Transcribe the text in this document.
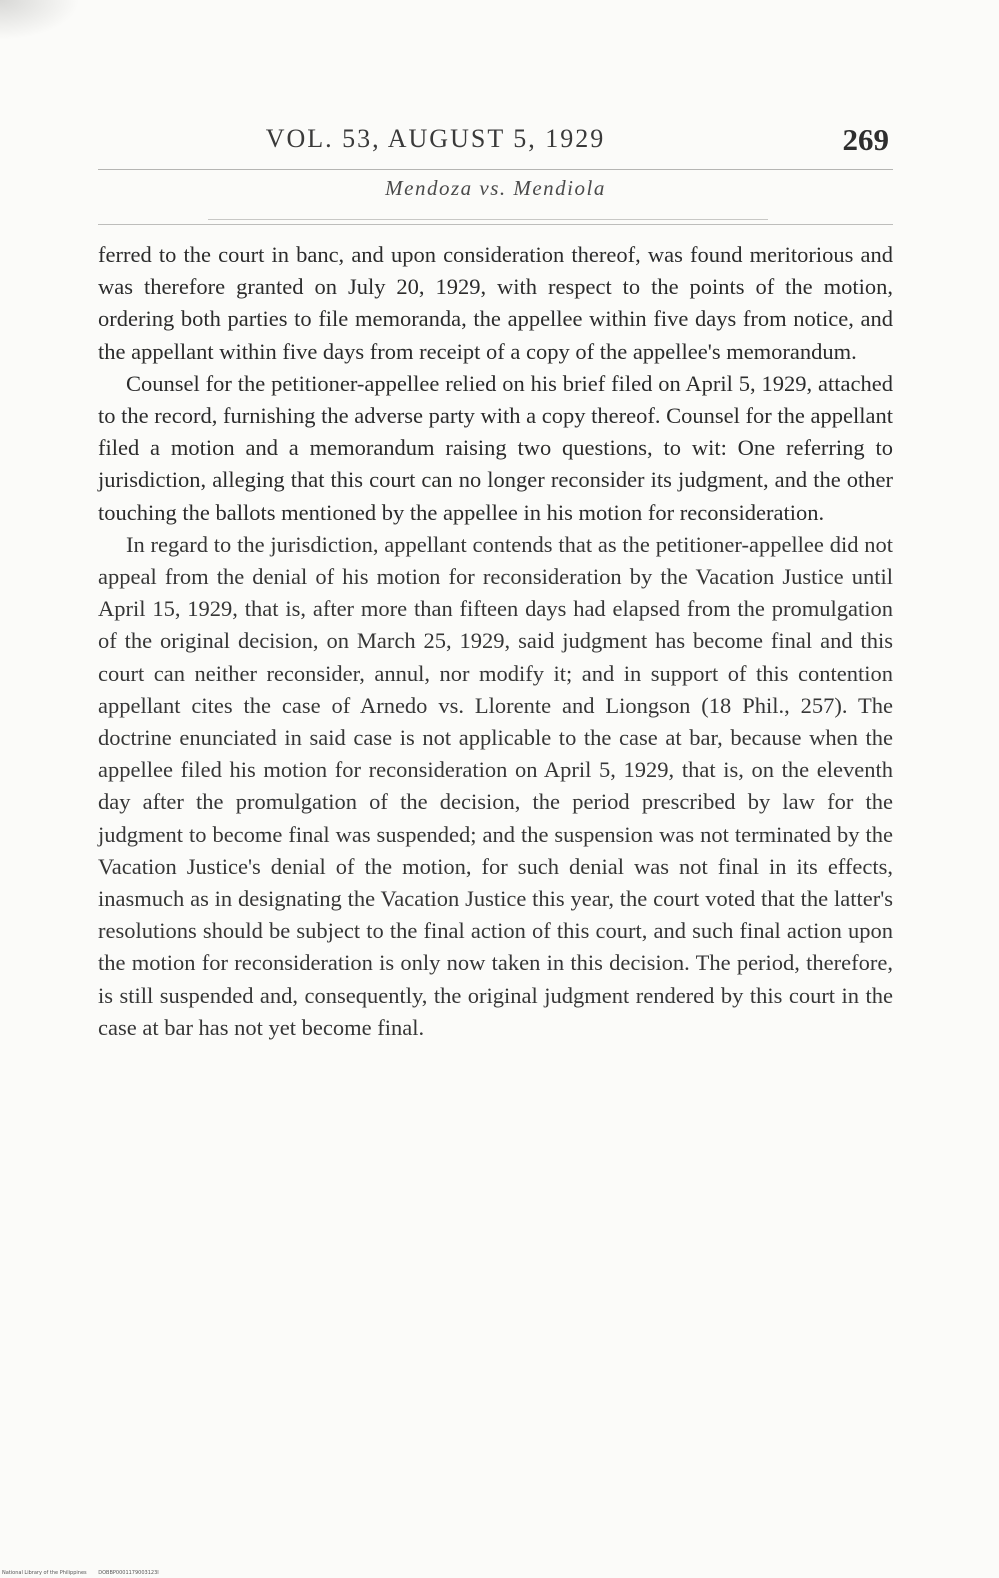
VOL. 53, AUGUST 5, 1929	269
Mendoza vs. Mendiola

ferred to the court in banc, and upon consideration thereof, was found meritorious and was therefore granted on July 20, 1929, with respect to the points of the motion, ordering both parties to file memoranda, the appellee within five days from notice, and the appellant within five days from receipt of a copy of the appellee's memorandum.

Counsel for the petitioner-appellee relied on his brief filed on April 5, 1929, attached to the record, furnishing the adverse party with a copy thereof. Counsel for the appellant filed a motion and a memorandum raising two questions, to wit: One referring to jurisdiction, alleging that this court can no longer reconsider its judgment, and the other touching the ballots mentioned by the appellee in his motion for reconsideration.

In regard to the jurisdiction, appellant contends that as the petitioner-appellee did not appeal from the denial of his motion for reconsideration by the Vacation Justice until April 15, 1929, that is, after more than fifteen days had elapsed from the promulgation of the original decision, on March 25, 1929, said judgment has become final and this court can neither reconsider, annul, nor modify it; and in support of this contention appellant cites the case of Arnedo vs. Llorente and Liongson (18 Phil., 257). The doctrine enunciated in said case is not applicable to the case at bar, because when the appellee filed his motion for reconsideration on April 5, 1929, that is, on the eleventh day after the promulgation of the decision, the period prescribed by law for the judgment to become final was suspended; and the suspension was not terminated by the Vacation Justice's denial of the motion, for such denial was not final in its effects, inasmuch as in designating the Vacation Justice this year, the court voted that the latter's resolutions should be subject to the final action of this court, and such final action upon the motion for reconsideration is only now taken in this decision. The period, therefore, is still suspended and, consequently, the original judgment rendered by this court in the case at bar has not yet become final.

National Library of the Philippines DOBBP0001179003123I
